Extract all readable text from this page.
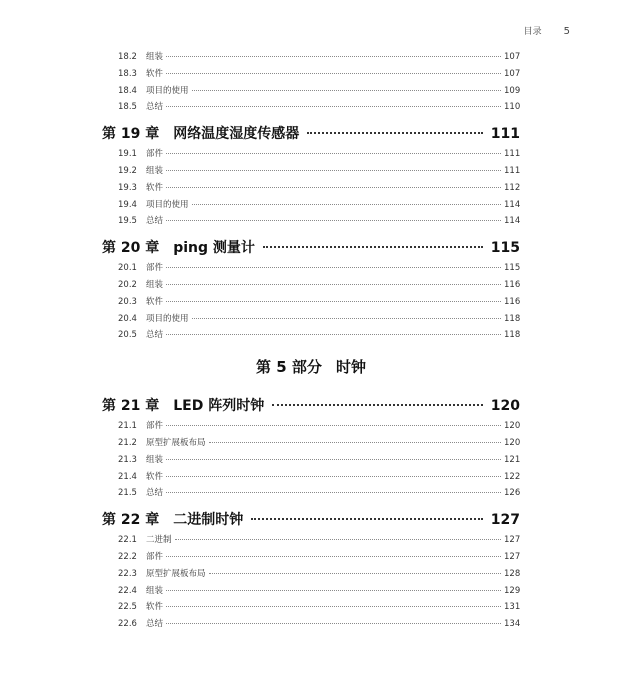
目录 5
18.2	组装	107
18.3	软件	107
18.4	项目的使用	109
18.5	总结	110
第 19 章 网络温度湿度传感器	111
19.1	部件	111
19.2	组装	111
19.3	软件	112
19.4	项目的使用	114
19.5	总结	114
第 20 章 ping 测量计	115
20.1	部件	115
20.2	组装	116
20.3	软件	116
20.4	项目的使用	118
20.5	总结	118
第 5 部分 时钟
第 21 章 LED 阵列时钟	120
21.1	部件	120
21.2	原型扩展板布局	120
21.3	组装	121
21.4	软件	122
21.5	总结	126
第 22 章 二进制时钟	127
22.1	二进制	127
22.2	部件	127
22.3	原型扩展板布局	128
22.4	组装	129
22.5	软件	131
22.6	总结	134
